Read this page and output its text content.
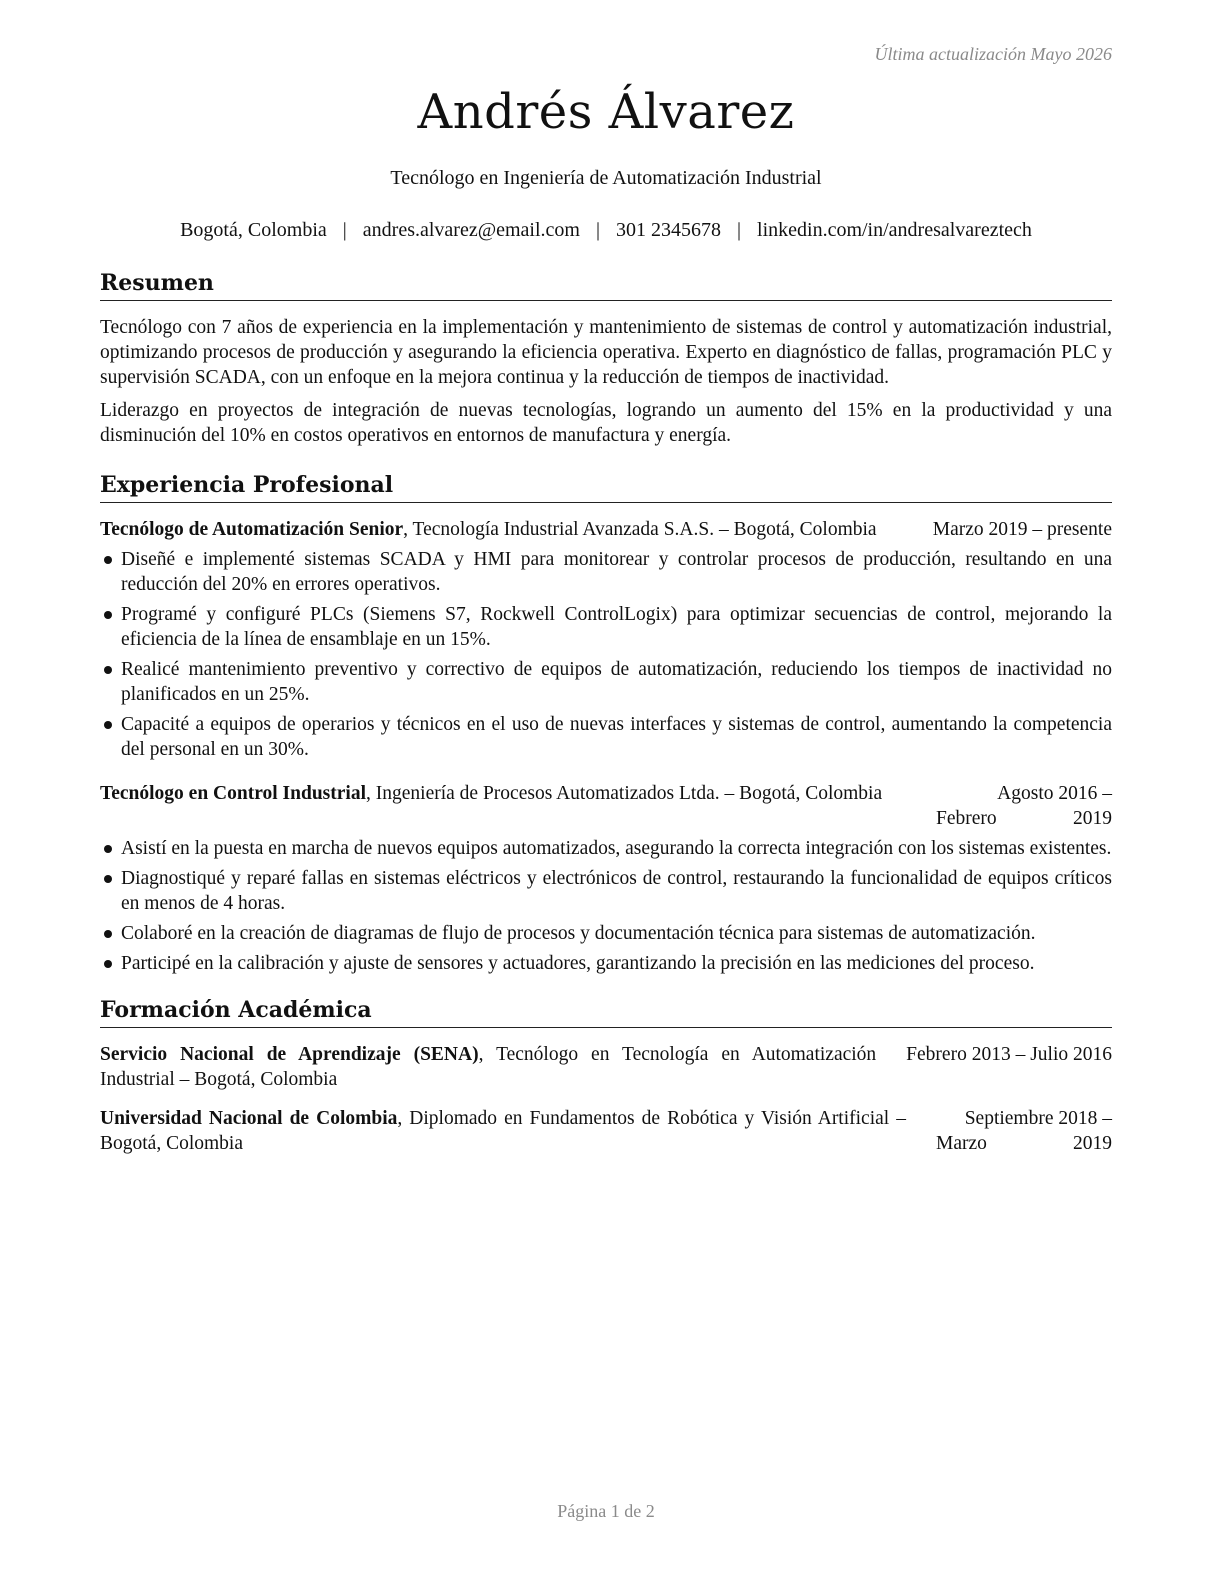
Última actualización Mayo 2026
Andrés Álvarez
Tecnólogo en Ingeniería de Automatización Industrial
Bogotá, Colombia | andres.alvarez@email.com | 301 2345678 | linkedin.com/in/andresalvareztech
Resumen

Tecnólogo con 7 años de experiencia en la implementación y mantenimiento de sistemas de control y automatización industrial, optimizando procesos de producción y asegurando la eficiencia operativa. Experto en diagnóstico de fallas, programación PLC y supervisión SCADA, con un enfoque en la mejora continua y la reducción de tiempos de inactividad.

Liderazgo en proyectos de integración de nuevas tecnologías, logrando un aumento del 15% en la productividad y una disminución del 10% en costos operativos en entornos de manufactura y energía.

Experiencia Profesional
Tecnólogo de Automatización Senior, Tecnología Industrial Avanzada S.A.S. – Bogotá, Colombia	Marzo 2019 – presente
Diseñé e implementé sistemas SCADA y HMI para monitorear y controlar procesos de producción, resultando en una reducción del 20% en errores operativos.
Programé y configuré PLCs (Siemens S7, Rockwell ControlLogix) para optimizar secuencias de control, mejorando la eficiencia de la línea de ensamblaje en un 15%.
Realicé mantenimiento preventivo y correctivo de equipos de automatización, reduciendo los tiempos de inactividad no planificados en un 25%.
Capacité a equipos de operarios y técnicos en el uso de nuevas interfaces y sistemas de control, aumentando la competencia del personal en un 30%.
Tecnólogo en Control Industrial, Ingeniería de Procesos Automatizados Ltda. – Bogotá, Colombia	Agosto 2016 – Febrero 2019
Asistí en la puesta en marcha de nuevos equipos automatizados, asegurando la correcta integración con los sistemas existentes.
Diagnostiqué y reparé fallas en sistemas eléctricos y electrónicos de control, restaurando la funcionalidad de equipos críticos en menos de 4 horas.
Colaboré en la creación de diagramas de flujo de procesos y documentación técnica para sistemas de automatización.
Participé en la calibración y ajuste de sensores y actuadores, garantizando la precisión en las mediciones del proceso.
Formación Académica
Servicio Nacional de Aprendizaje (SENA), Tecnólogo en Tecnología en Automatización Industrial – Bogotá, Colombia
Febrero 2013 – Julio 2016
Universidad Nacional de Colombia, Diplomado en Fundamentos de Robótica y Visión Artificial – Bogotá, Colombia
Septiembre 2018 – Marzo 2019
Página 1 de 2
